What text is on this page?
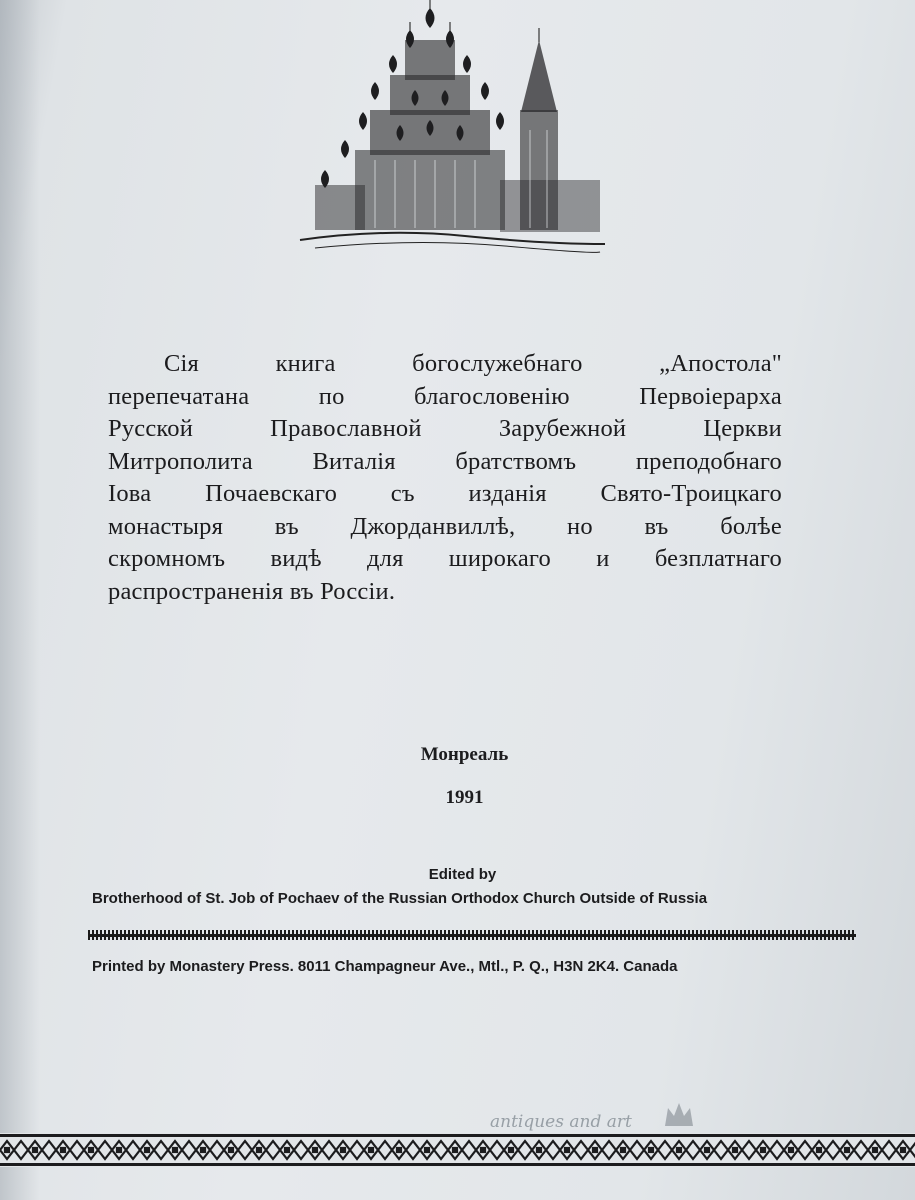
Сія книга богослужебнаго „Апостола"
перепечатана по благословенію Первоіерарха
Русской Православной Зарубежной Церкви
Митрополита Виталія братствомъ преподобнаго
Іова Почаевскаго съ изданія Свято-Троицкаго
монастыря въ Джорданвиллѣ, но въ болѣе
скромномъ видѣ для широкаго и безплатнаго
распространенія въ Россіи.
Монреаль
1991
Edited by
Brotherhood of St. Job of Pochaev of the Russian Orthodox Church Outside of Russia
Printed by Monastery Press. 8011 Champagneur Ave., Mtl., P. Q., H3N 2K4. Canada
antiques and art
